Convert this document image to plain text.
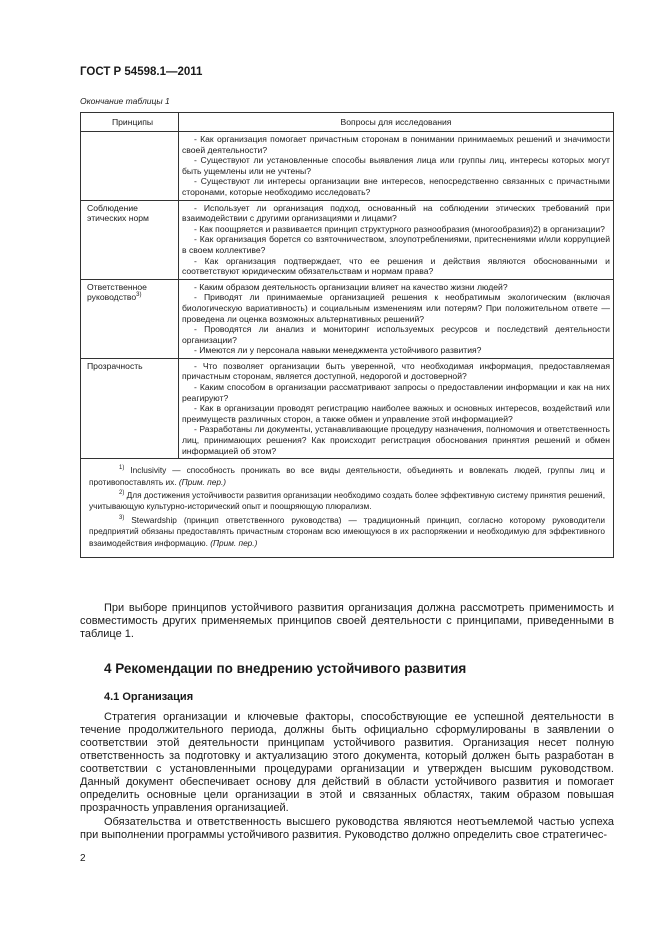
ГОСТ Р 54598.1—2011
Окончание таблицы 1
Принципы	Вопросы для исследования

	- Как организация помогает причастным сторонам в понимании принимаемых решений и значимости своей деятельности?
- Существуют ли установленные способы выявления лица или группы лиц, интересы которых могут быть ущемлены или не учтены?
- Существуют ли интересы организации вне интересов, непосредственно связанных с причастными сторонами, которые необходимо исследовать?

Соблюдение этических норм	- Использует ли организация подход, основанный на соблюдении этических требований при взаимодействии с другими организациями и лицами?
- Как поощряется и развивается принцип структурного разнообразия (многообразия)2) в организации?
- Как организация борется со взяточничеством, злоупотреблениями, притеснениями и/или коррупцией в своем коллективе?
- Как организация подтверждает, что ее решения и действия являются обоснованными и соответствуют юридическим обязательствам и нормам права?

Ответственное руководство$^{3)}$	- Каким образом деятельность организации влияет на качество жизни людей?
- Приводят ли принимаемые организацией решения к необратимым экологическим (включая биологическую вариативность) и социальным изменениям или потерям? При положительном ответе — проведена ли оценка возможных альтернативных решений?
- Проводятся ли анализ и мониторинг используемых ресурсов и последствий деятельности организации?
- Имеются ли у персонала навыки менеджмента устойчивого развития?

Прозрачность	- Что позволяет организации быть уверенной, что необходимая информация, предоставляемая причастным сторонам, является доступной, недорогой и достоверной?
- Каким способом в организации рассматривают запросы о предоставлении информации и как на них реагируют?
- Как в организации проводят регистрацию наиболее важных и основных интересов, воздействий или преимуществ различных сторон, а также обмен и управление этой информацией?
- Разработаны ли документы, устанавливающие процедуру назначения, полномочия и ответственность лиц, принимающих решения? Как происходит регистрация обоснования принятия решений и обмен информацией об этом?

$^{1)}$ Inclusivity — способность проникать во все виды деятельности, объединять и вовлекать людей, группы лиц и противопоставлять их. (Прим. пер.)

$^{2)}$ Для достижения устойчивости развития организации необходимо создать более эффективную систему принятия решений, учитывающую культурно-исторический опыт и поощряющую плюрализм.

$^{3)}$ Stewardship (принцип ответственного руководства) — традиционный принцип, согласно которому руководители предприятий обязаны предоставлять причастным сторонам всю имеющуюся в их распоряжении и необходимую для эффективного взаимодействия информацию. (Прим. пер.)	

При выборе принципов устойчивого развития организация должна рассмотреть применимость и совместимость других применяемых принципов своей деятельности с принципами, приведенными в таблице 1.
4 Рекомендации по внедрению устойчивого развития
4.1 Организация
Стратегия организации и ключевые факторы, способствующие ее успешной деятельности в течение продолжительного периода, должны быть официально сформулированы в заявлении о соответствии этой деятельности принципам устойчивого развития. Организация несет полную ответственность за подготовку и актуализацию этого документа, который должен быть разработан в соответствии с установленными процедурами организации и утвержден высшим руководством. Данный документ обеспечивает основу для действий в области устойчивого развития и помогает определить основные цели организации в этой и связанных областях, таким образом повышая прозрачность управления организацией.
Обязательства и ответственность высшего руководства являются неотъемлемой частью успеха при выполнении программы устойчивого развития. Руководство должно определить свое стратегичес-
2
